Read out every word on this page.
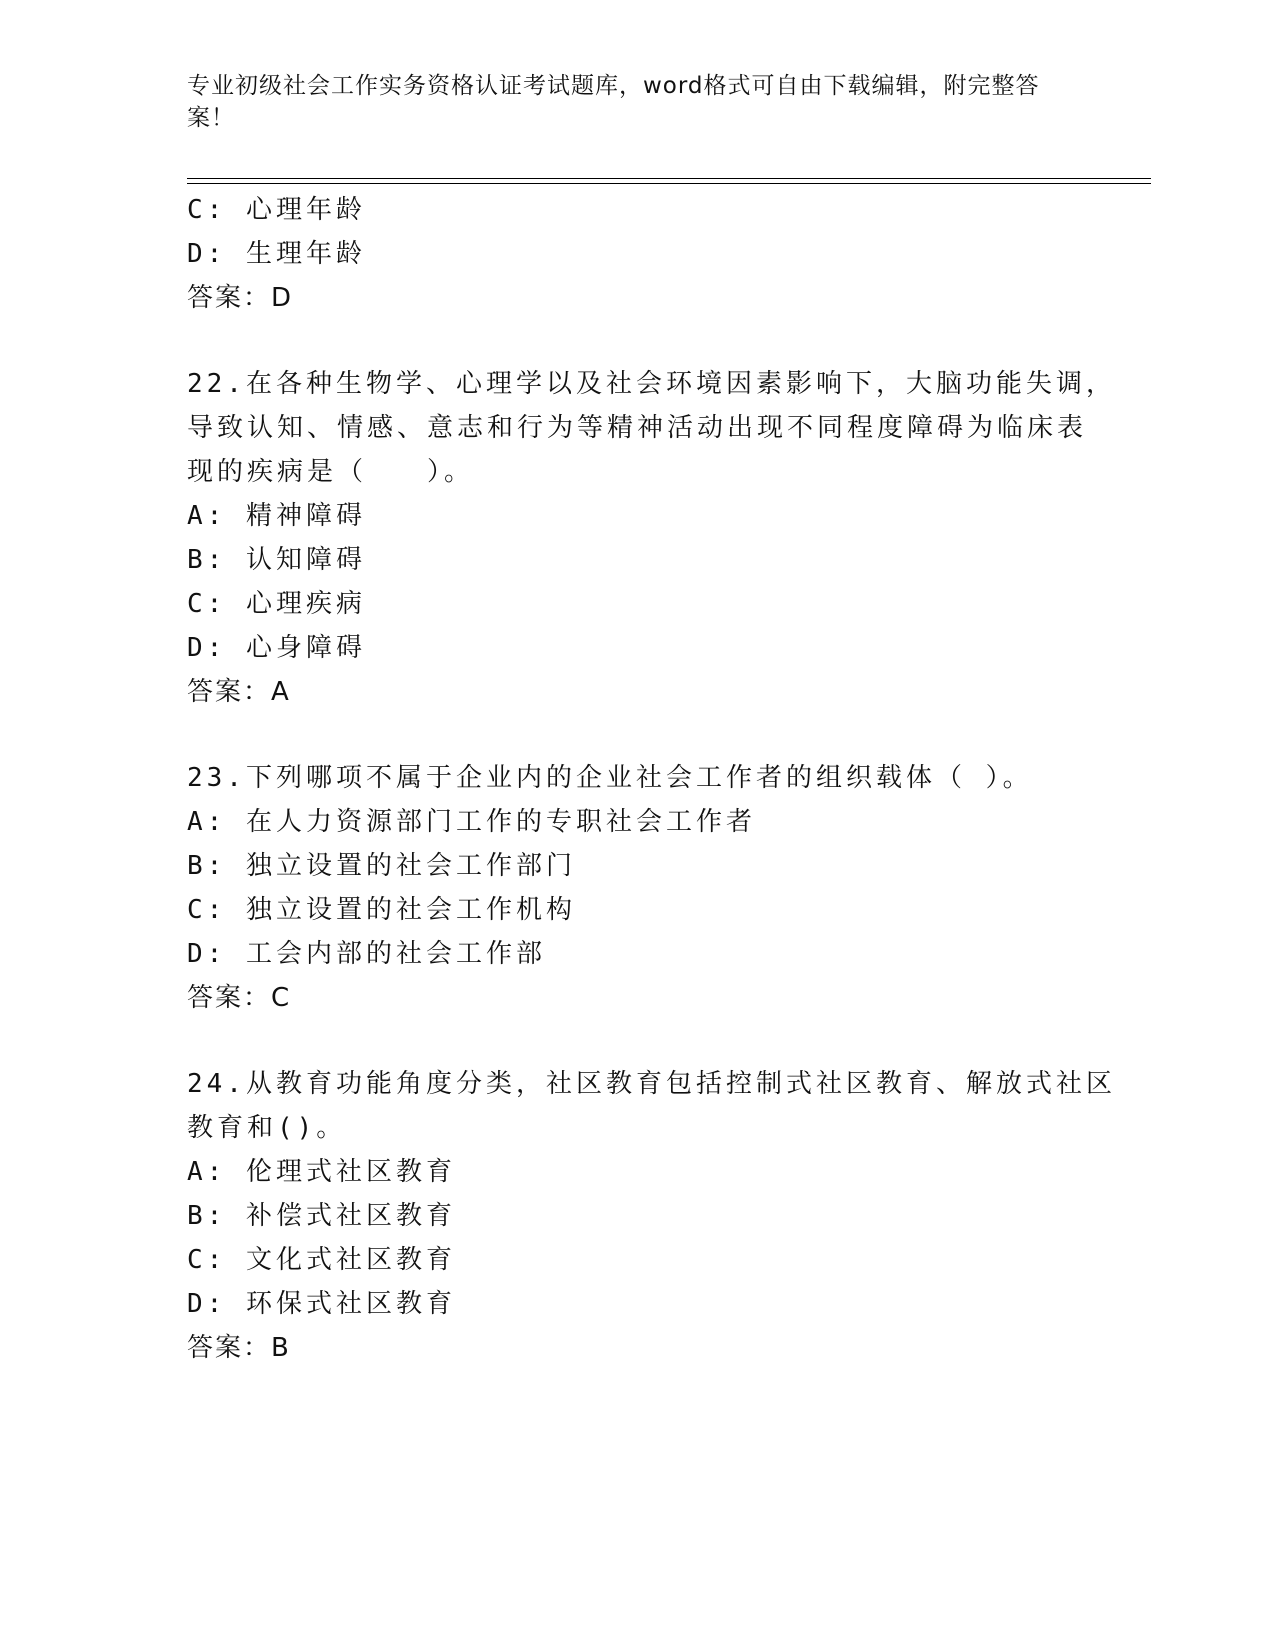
专业初级社会工作实务资格认证考试题库，word格式可自由下载编辑，附完整答案！
C: 心理年龄
D: 生理年龄
答案：D
22.在各种生物学、心理学以及社会环境因素影响下，大脑功能失调，
导致认知、情感、意志和行为等精神活动出现不同程度障碍为临床表
现的疾病是（　　）。
A: 精神障碍
B: 认知障碍
C: 心理疾病
D: 心身障碍
答案：A
23.下列哪项不属于企业内的企业社会工作者的组织载体（ ）。
A: 在人力资源部门工作的专职社会工作者
B: 独立设置的社会工作部门
C: 独立设置的社会工作机构
D: 工会内部的社会工作部
答案：C
24.从教育功能角度分类，社区教育包括控制式社区教育、解放式社区
教育和()。
A: 伦理式社区教育
B: 补偿式社区教育
C: 文化式社区教育
D: 环保式社区教育
答案：B
